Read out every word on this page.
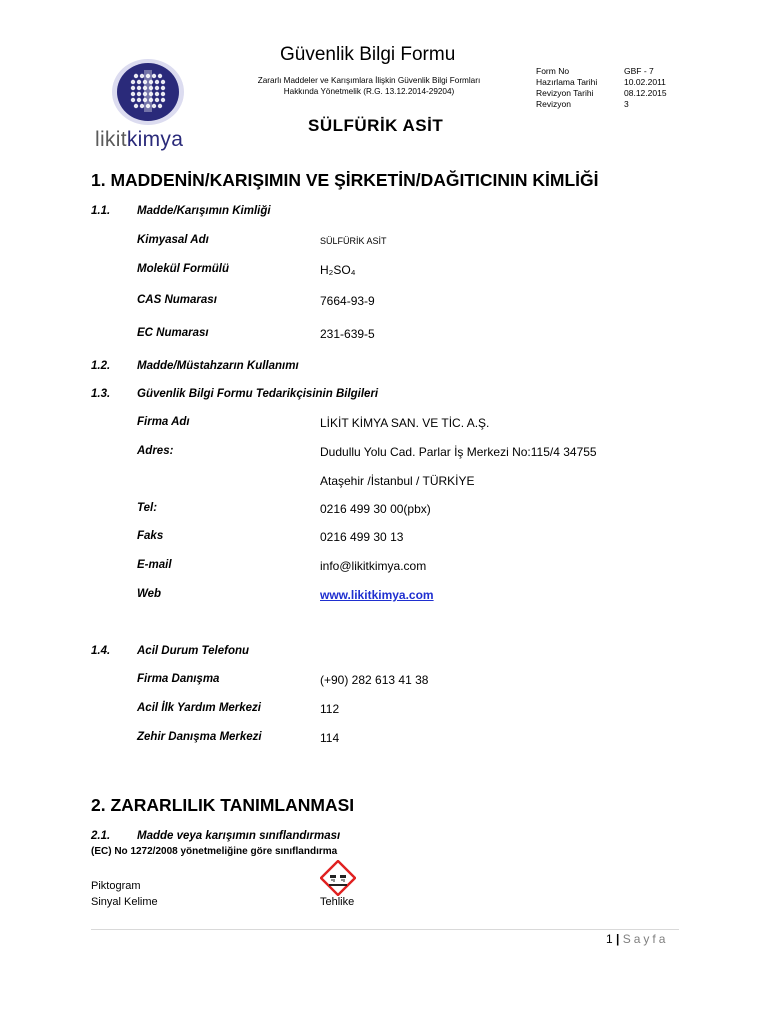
likitkimya
Güvenlik Bilgi Formu
Zararlı Maddeler ve Karışımlara İlişkin Güvenlik Bilgi Formları
Hakkında Yönetmelik (R.G. 13.12.2014-29204)
SÜLFÜRİK ASİT
Form No	GBF - 7
Hazırlama Tarihi	10.02.2011
Revizyon Tarihi	08.12.2015
Revizyon	3
1. MADDENİN/KARIŞIMIN VE ŞİRKETİN/DAĞITICININ KİMLİĞİ
1.1. Madde/Karışımın Kimliği
Kimyasal Adı	SÜLFÜRİK ASİT
Molekül Formülü	H₂SO₄
CAS Numarası	7664-93-9
EC Numarası	231-639-5
1.2. Madde/Müstahzarın Kullanımı
1.3. Güvenlik Bilgi Formu Tedarikçisinin Bilgileri
Firma Adı	LİKİT KİMYA SAN. VE TİC. A.Ş.
Adres:	Dudullu Yolu Cad. Parlar İş Merkezi No:115/4 34755
Ataşehir /İstanbul / TÜRKİYE
Tel:	0216 499 30 00(pbx)
Faks	0216 499 30 13
E-mail	info@likitkimya.com
Web	www.likitkimya.com
1.4. Acil Durum Telefonu
Firma Danışma	(+90) 282 613 41 38
Acil İlk Yardım Merkezi	112
Zehir Danışma Merkezi	114
2. ZARARLILIK TANIMLANMASI
2.1. Madde veya karışımın sınıflandırması
(EC) No 1272/2008 yönetmeliğine göre sınıflandırma
Piktogram
Sinyal Kelime	Tehlike
1 | Sayfa
